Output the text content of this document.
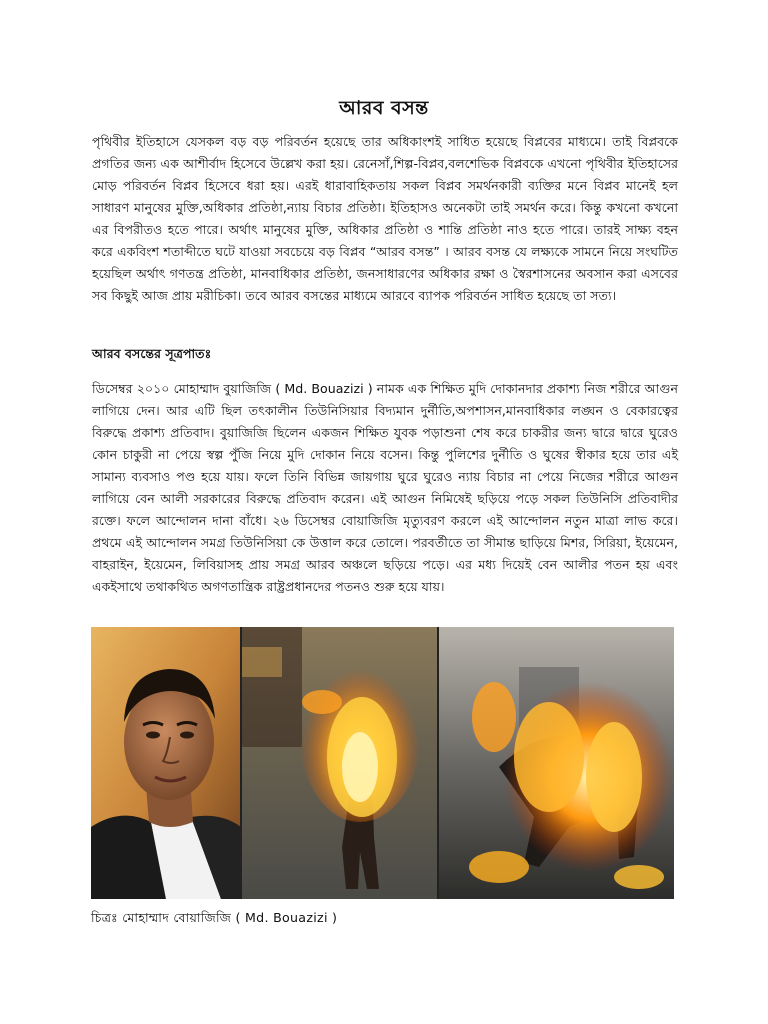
আরব বসন্ত
পৃথিবীর ইতিহাসে যেসকল বড় বড় পরিবর্তন হয়েছে তার অধিকাংশই সাধিত হয়েছে বিপ্লবের মাধ্যমে। তাই বিপ্লবকে প্রগতির জন্য এক আশীর্বাদ হিসেবে উল্লেখ করা হয়। রেনেসাঁ,শিল্প-বিপ্লব,বলশেভিক বিপ্লবকে এখনো পৃথিবীর ইতিহাসের মোড় পরিবর্তন বিপ্লব হিসেবে ধরা হয়। এরই ধারাবাহিকতায় সকল বিপ্লব সমর্থনকারী ব্যক্তির মনে বিপ্লব মানেই হল সাধারণ মানুষের মুক্তি,অধিকার প্রতিষ্ঠা,ন্যায় বিচার প্রতিষ্ঠা। ইতিহাসও অনেকটা তাই সমর্থন করে। কিন্তু কখনো কখনো এর বিপরীতও হতে পারে। অর্থাৎ মানুষের মুক্তি, অধিকার প্রতিষ্ঠা ও শান্তি প্রতিষ্ঠা নাও হতে পারে। তারই সাক্ষ্য বহন করে একবিংশ শতাব্দীতে ঘটে যাওয়া সবচেয়ে বড় বিপ্লব “আরব বসন্ত” । আরব বসন্ত যে লক্ষ্যকে সামনে নিয়ে সংঘটিত হয়েছিল অর্থাৎ গণতন্ত্র প্রতিষ্ঠা, মানবাধিকার প্রতিষ্ঠা, জনসাধারণের অধিকার রক্ষা ও স্বৈরশাসনের অবসান করা এসবের সব কিছুই আজ প্রায় মরীচিকা। তবে আরব বসন্তের মাধ্যমে আরবে ব্যাপক পরিবর্তন সাধিত হয়েছে তা সত্য।
আরব বসন্তের সূত্রপাতঃ
ডিসেম্বর ২০১০ মোহাম্মাদ বুয়াজিজি ( Md. Bouazizi ) নামক এক শিক্ষিত মুদি দোকানদার প্রকাশ্য নিজ শরীরে আগুন লাগিয়ে দেন। আর এটি ছিল তৎকালীন তিউনিসিয়ার বিদ্যমান দুর্নীতি,অপশাসন,মানবাধিকার লঙ্ঘন ও বেকারত্বের বিরুদ্ধে প্রকাশ্য প্রতিবাদ। বুয়াজিজি ছিলেন একজন শিক্ষিত যুবক পড়াশুনা শেষ করে চাকরীর জন্য দ্বারে দ্বারে ঘুরেও কোন চাকুরী না পেয়ে স্বল্প পুঁজি নিয়ে মুদি দোকান নিয়ে বসেন। কিন্তু পুলিশের দুর্নীতি ও ঘুষের স্বীকার হয়ে তার এই সামান্য ব্যবসাও পণ্ড হয়ে যায়। ফলে তিনি বিভিন্ন জায়গায় ঘুরে ঘুরেও ন্যায় বিচার না পেয়ে নিজের শরীরে আগুন লাগিয়ে বেন আলী সরকারের বিরুদ্ধে প্রতিবাদ করেন। এই আগুন নিমিষেই ছড়িয়ে পড়ে সকল তিউনিসি প্রতিবাদীর রক্তে। ফলে আন্দোলন দানা বাঁধে। ২৬ ডিসেম্বর বোয়াজিজি মৃত্যুবরণ করলে এই আন্দোলন নতুন মাত্রা লাভ করে। প্রথমে এই আন্দোলন সমগ্র তিউনিসিয়া কে উত্তাল করে তোলে। পরবর্তীতে তা সীমান্ত ছাড়িয়ে মিশর, সিরিয়া, ইয়েমেন, বাহরাইন, ইয়েমেন, লিবিয়াসহ প্রায় সমগ্র আরব অঞ্চলে ছড়িয়ে পড়ে। এর মধ্য দিয়েই বেন আলীর পতন হয় এবং একইসাথে তথাকথিত অগণতান্ত্রিক রাষ্ট্রপ্রধানদের পতনও শুরু হয়ে যায়।
চিত্রঃ মোহাম্মাদ বোয়াজিজি ( Md. Bouazizi )
